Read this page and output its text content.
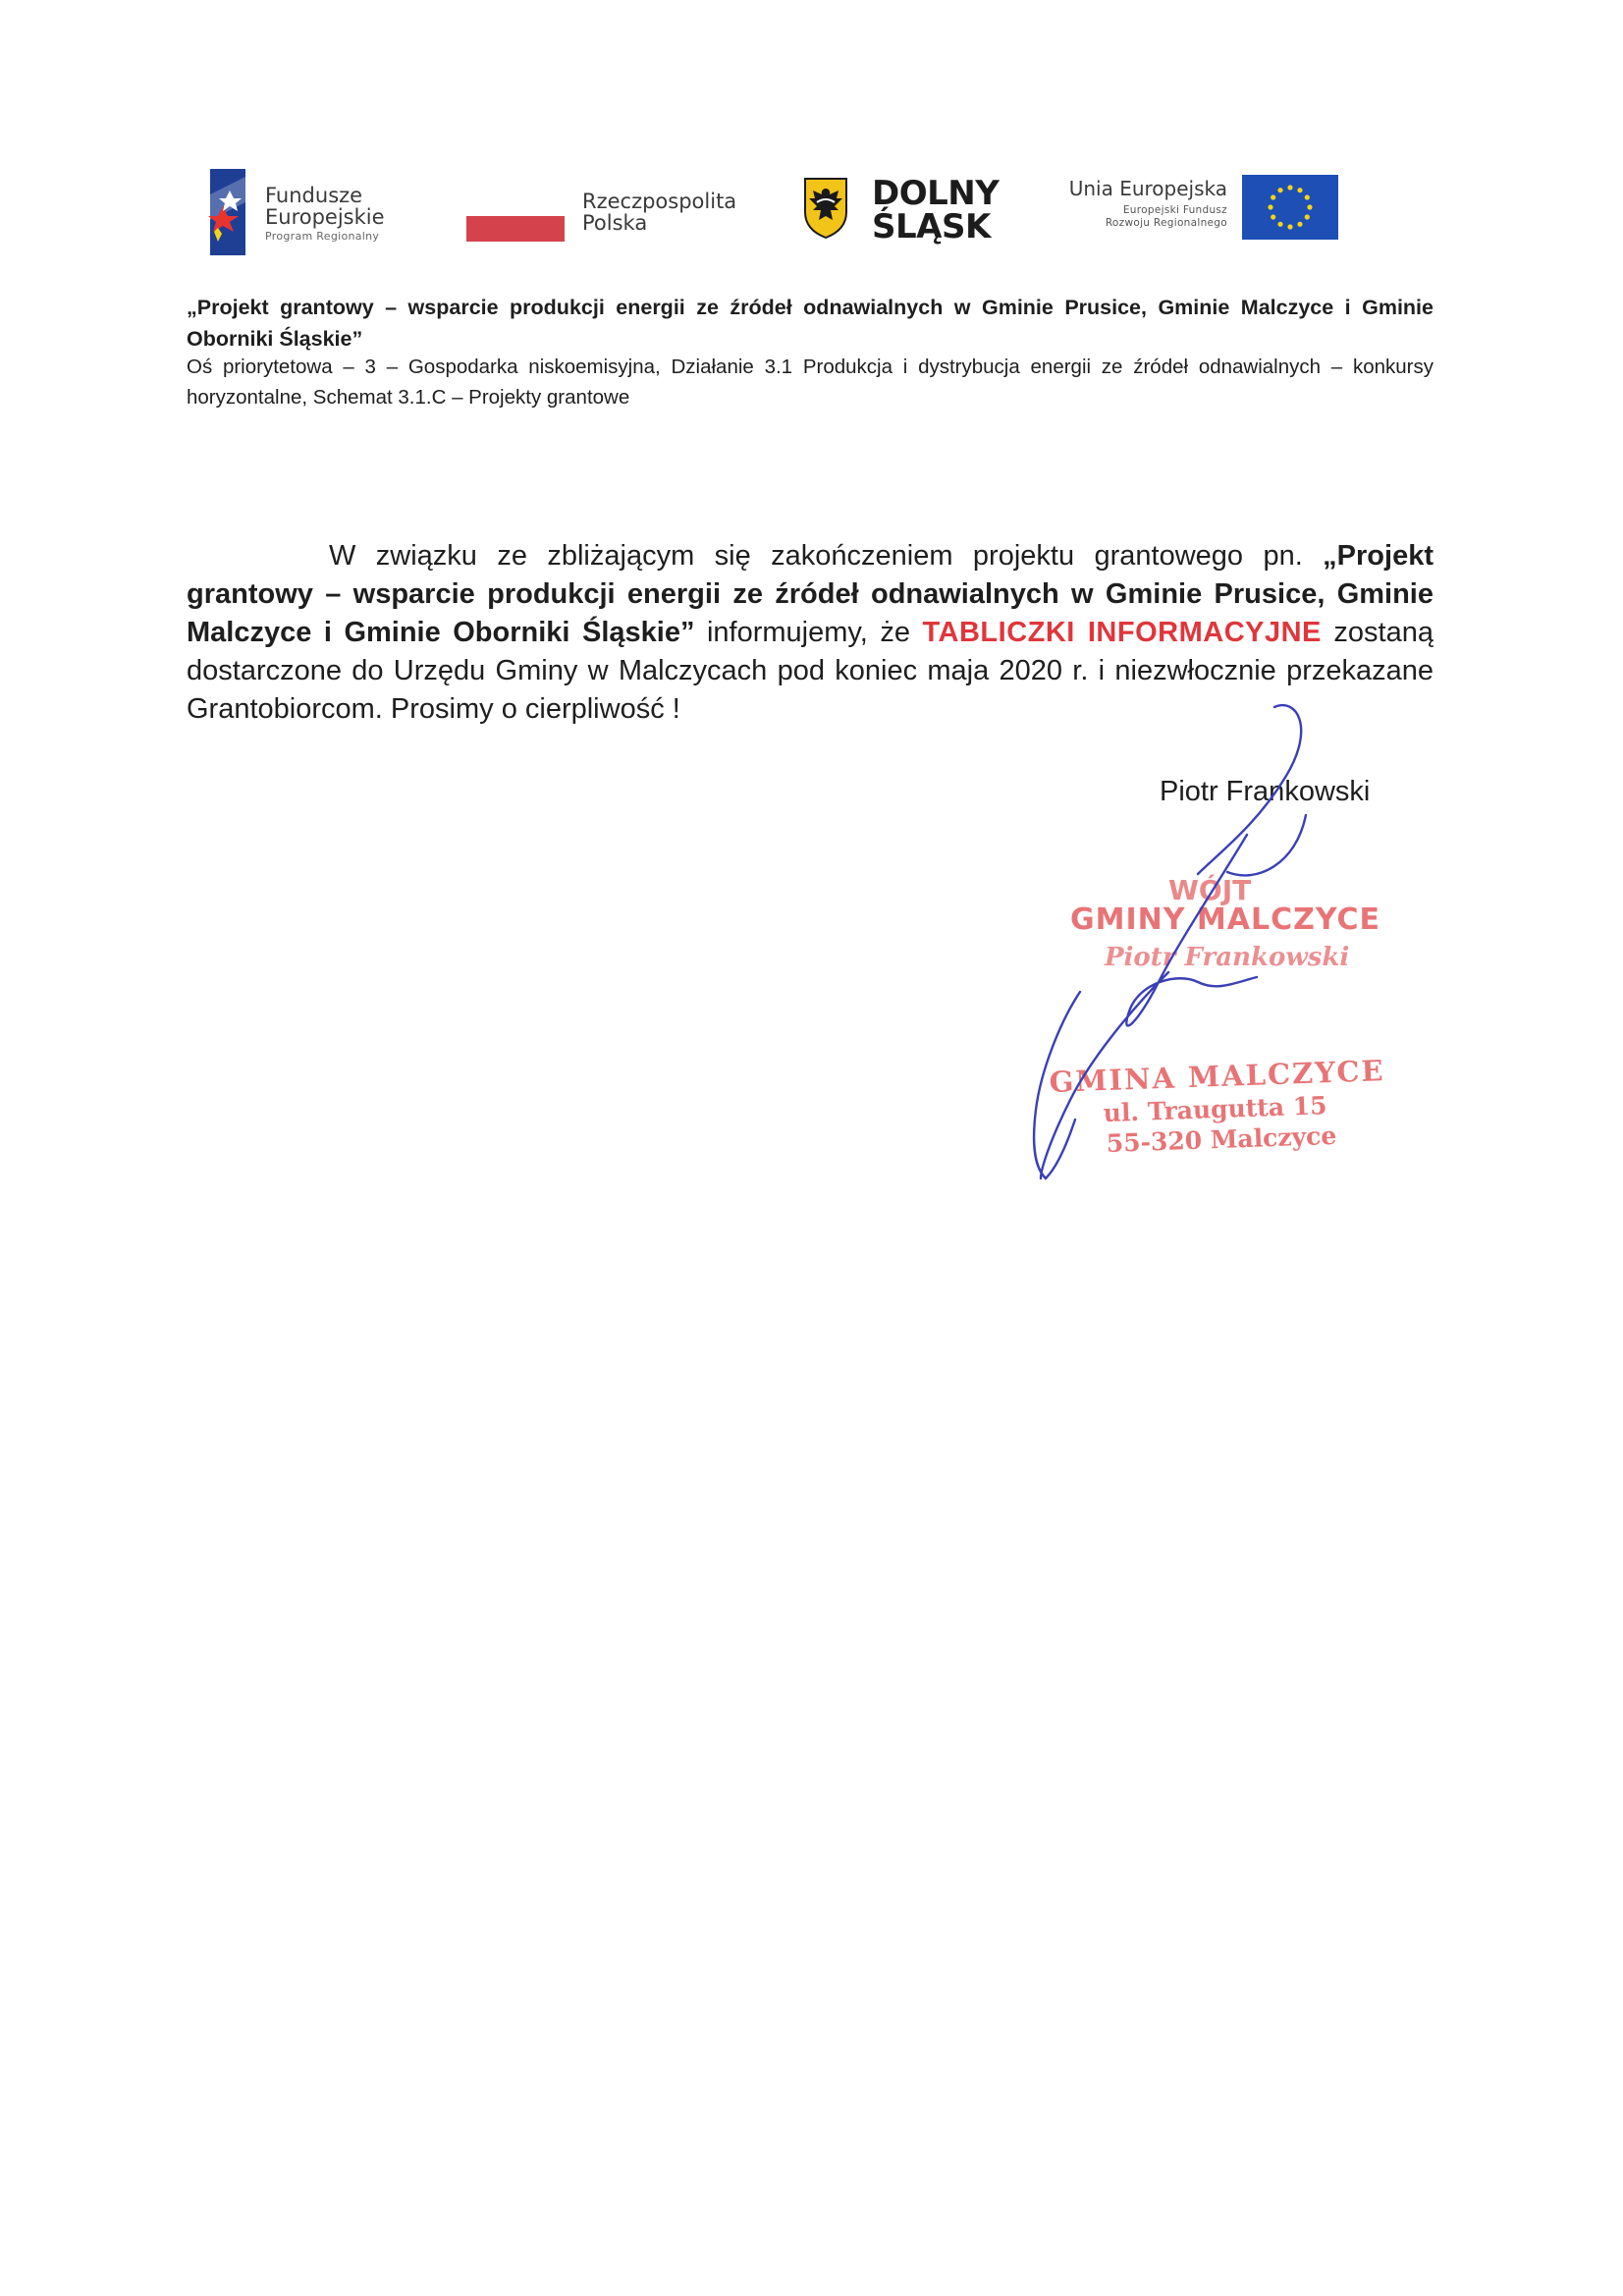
Fundusze
Europejskie
Program Regionalny
Rzeczpospolita
Polska
DOLNY
ŚLĄSK
Unia Europejska
Europejski Fundusz
Rozwoju Regionalnego
„Projekt grantowy – wsparcie produkcji energii ze źródeł odnawialnych w Gminie Prusice, Gminie Malczyce i Gminie Oborniki Śląskie”
Oś priorytetowa – 3 – Gospodarka niskoemisyjna, Działanie 3.1 Produkcja i dystrybucja energii ze źródeł odnawialnych – konkursy horyzontalne, Schemat 3.1.C – Projekty grantowe
W związku ze zbliżającym się zakończeniem projektu grantowego pn. „Projekt grantowy – wsparcie produkcji energii ze źródeł odnawialnych w Gminie Prusice, Gminie Malczyce i Gminie Oborniki Śląskie” informujemy, że TABLICZKI INFORMACYJNE zostaną dostarczone do Urzędu Gminy w Malczycach pod koniec maja 2020 r. i niezwłocznie przekazane Grantobiorcom. Prosimy o cierpliwość !
Piotr Frankowski
WÓJT
GMINY MALCZYCE
Piotr Frankowski
GMINA MALCZYCE
ul. Traugutta 15
55-320 Malczyce
